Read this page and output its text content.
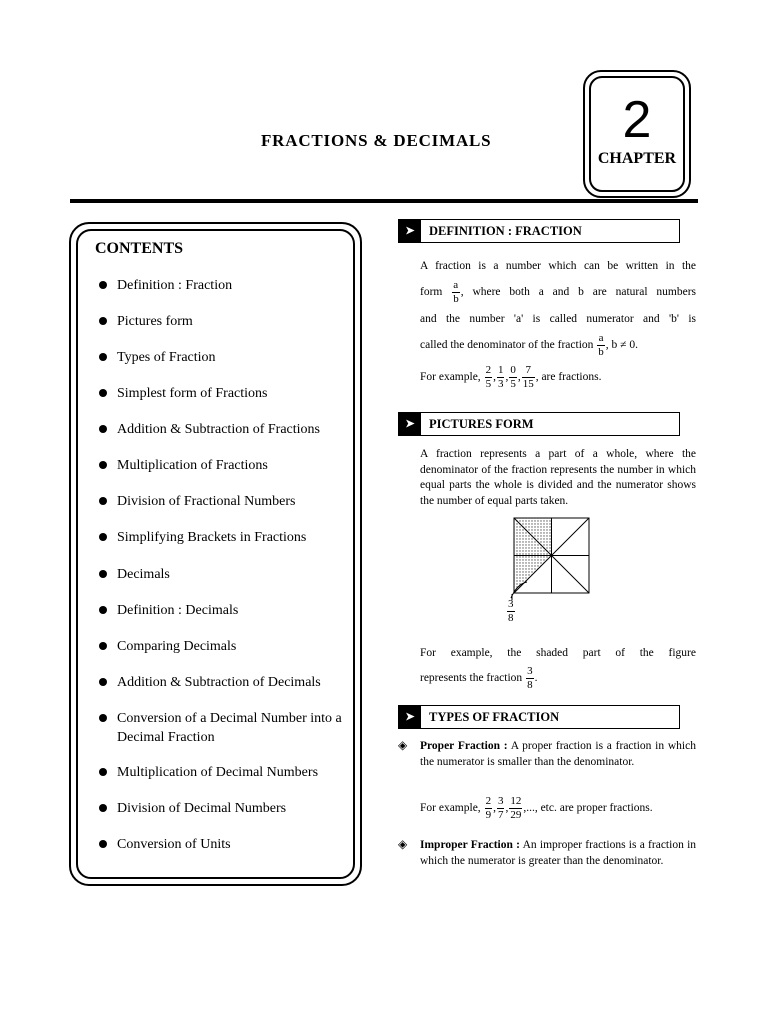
FRACTIONS & DECIMALS	2
CHAPTER
CONTENTS
Definition : Fraction
Pictures form
Types of Fraction
Simplest form of Fractions
Addition & Subtraction of Fractions
Multiplication of Fractions
Division of Fractional Numbers
Simplifying Brackets in Fractions
Decimals
Definition : Decimals
Comparing Decimals
Addition & Subtraction of Decimals
Conversion of a Decimal Number into a Decimal Fraction
Multiplication of Decimal Numbers
Division of Decimal Numbers
Conversion of Units
➤	DEFINITION : FRACTION
A fraction is a number which can be written in the
form $\frac{a}{b}$ , where both a and b are natural numbers
and the number 'a' is called numerator and 'b' is
called the denominator of the fraction $\frac{a}{b}$ , b ≠ 0.
For example, $\frac{2}{5}$ , $\frac{1}{3}$ , $\frac{0}{5}$ , $\frac{7}{15}$ , are fractions.
➤	PICTURES FORM
A fraction represents a part of a whole, where the denominator of the fraction represents the number in which equal parts the whole is divided and the numerator shows the number of equal parts taken.
$\frac{3}{8}$
For example, the shaded part of the figure
represents the fraction $\frac{3}{8}$ .
➤	TYPES OF FRACTION
◈ Proper Fraction : A proper fraction is a fraction in which the numerator is smaller than the denominator.
For example, $\frac{2}{9}$ , $\frac{3}{7}$ , $\frac{12}{29}$ ,..., etc. are proper fractions.
◈ Improper Fraction : An improper fractions is a fraction in which the numerator is greater than the denominator.
